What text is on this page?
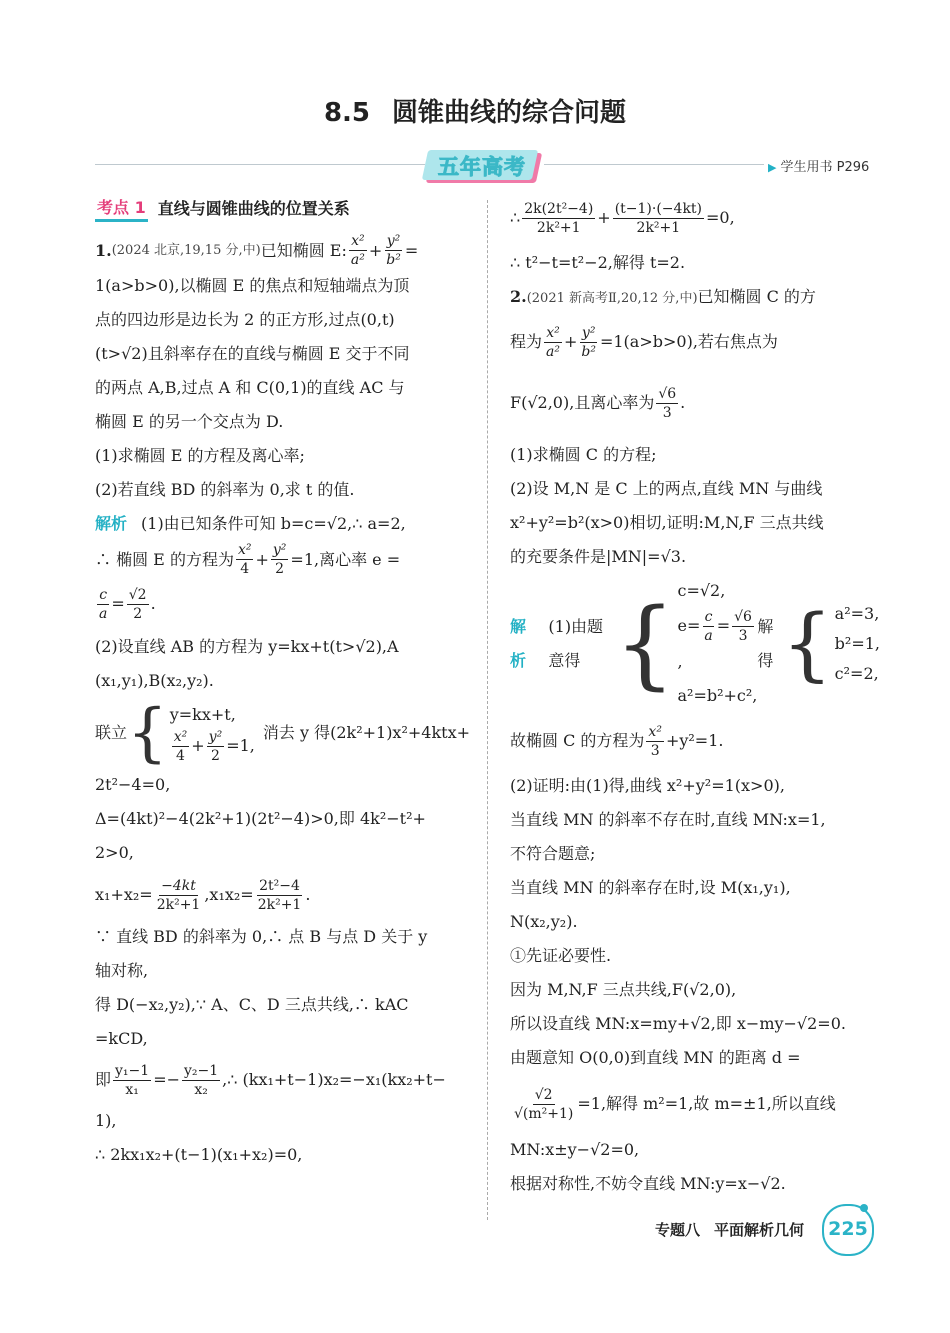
8.5 圆锥曲线的综合问题
五年高考	▶ 学生用书 P296
考点 1 直线与圆锥曲线的位置关系
1. (2024 北京,19,15 分,中) 已知椭圆 E: $\frac{\text{x²}}{\text{a²}} + \frac{\text{y²}}{\text{b²}}$ =

1(a>b>0),以椭圆 E 的焦点和短轴端点为顶

点的四边形是边长为 2 的正方形,过点(0,t)

(t>√2)且斜率存在的直线与椭圆 E 交于不同

的两点 A,B,过点 A 和 C(0,1)的直线 AC 与

椭圆 E 的另一个交点为 D.

(1)求椭圆 E 的方程及离心率;

(2)若直线 BD 的斜率为 0,求 t 的值.

解析 (1)由已知条件可知 b=c=√2,∴ a=2,

∴ 椭圆 E 的方程为 $\frac{\text{x²}}{4} + \frac{\text{y²}}{2} =1$,离心率 e =
$\frac{c}{a} = \frac{√2}{2}$ .

(2)设直线 AB 的方程为 y=kx+t(t>√2),A

(x₁,y₁),B(x₂,y₂).

联立 { y=kx+t,
$\frac{\text{x²}}{4} + \frac{\text{y²}}{2} =1$,
消去 y 得(2k²+1)x²+4ktx+

2t²−4=0,

Δ=(4kt)²−4(2k²+1)(2t²−4)>0,即 4k²−t²+

2>0,

$x_1+x_2= \frac{-4kt}{\text{2k²+1}} ,x_1x_2= \frac{\text{2t²−4}}{\text{2k²+1}}$ .

∵ 直线 BD 的斜率为 0,∴ 点 B 与点 D 关于 y

轴对称,

得 D(−x₂,y₂),∵ A、C、D 三点共线,∴ kAC

=kCD,

即 $\frac{\text{y₁−1}}{\text{x₁}} =- \frac{\text{y₂−1}}{\text{x₂}}$ ,∴ (kx₁+t−1)x₂=−x₁(kx₂+t−

1),

∴ 2kx₁x₂+(t−1)(x₁+x₂)=0,

∴ $\frac{\text{2k(2t²−4)}}{\text{2k²+1}} + \frac{(t-1)\cdot(-4kt)}{\text{2k²+1}} =0$,

∴ t²−t=t²−2,解得 t=2.

2.(2021 新高考Ⅱ,20,12 分,中)已知椭圆 C 的方

程为 $\frac{\text{x²}}{\text{a²}} + \frac{\text{y²}}{\text{b²}} =1(a>b>0)$,若右焦点为
F(√2,0),且离心率为 $\frac{√6}{3}$ .

(1)求椭圆 C 的方程;

(2)设 M,N 是 C 上的两点,直线 MN 与曲线

x²+y²=b²(x>0)相切,证明:M,N,F 三点共线

的充要条件是|MN|=√3.

解析
(1)由题意得 { c=√2,
$e= \frac{c}{a} = \frac{√6}{3}$
,
a²=b²+c²,
解得 { a²=3,
b²=1,
c²=2,
故椭圆 C 的方程为 $\frac{\text{x²}}{3} +y^2=1$.

(2)证明:由(1)得,曲线 x²+y²=1(x>0),

当直线 MN 的斜率不存在时,直线 MN:x=1,

不符合题意;

当直线 MN 的斜率存在时,设 M(x₁,y₁),

N(x₂,y₂).

①先证必要性.

因为 M,N,F 三点共线,F(√2,0),

所以设直线 MN:x=my+√2,即 x−my−√2=0.

由题意知 O(0,0)到直线 MN 的距离 d =

$\frac{√2}{\text{√(m²+1)}} =1$,解得 m²=1,故 m=±1,所以直线

MN:x±y−√2=0,

根据对称性,不妨令直线 MN:y=x−√2.

专题八 平面解析几何	225
